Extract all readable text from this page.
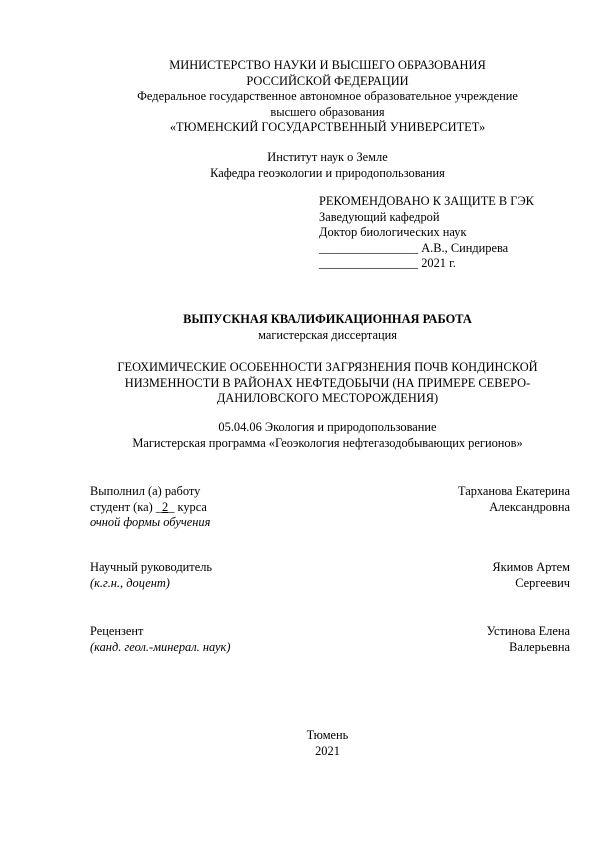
МИНИСТЕРСТВО НАУКИ И ВЫСШЕГО ОБРАЗОВАНИЯ
РОССИЙСКОЙ ФЕДЕРАЦИИ
Федеральное государственное автономное образовательное учреждение
высшего образования
«ТЮМЕНСКИЙ ГОСУДАРСТВЕННЫЙ УНИВЕРСИТЕТ»
Институт наук о Земле
Кафедра геоэкологии и природопользования
РЕКОМЕНДОВАНО К ЗАЩИТЕ В ГЭК
Заведующий кафедрой
Доктор биологических наук
________________ А.В., Синдирева
________________ 2021 г.
ВЫПУСКНАЯ КВАЛИФИКАЦИОННАЯ РАБОТА
магистерская диссертация
ГЕОХИМИЧЕСКИЕ ОСОБЕННОСТИ ЗАГРЯЗНЕНИЯ ПОЧВ КОНДИНСКОЙ
НИЗМЕННОСТИ В РАЙОНАХ НЕФТЕДОБЫЧИ (НА ПРИМЕРЕ СЕВЕРО-
ДАНИЛОВСКОГО МЕСТОРОЖДЕНИЯ)
05.04.06 Экология и природопользование
Магистерская программа «Геоэкология нефтегазодобывающих регионов»
Выполнил (а) работу
студент (ка) _2_ курса
очной формы обучения
Тарханова Екатерина
Александровна
Научный руководитель
(к.г.н., доцент)
Якимов Артем
Сергеевич
Рецензент
(канд. геол.-минерал. наук)
Устинова Елена
Валерьевна
Тюмень
2021
